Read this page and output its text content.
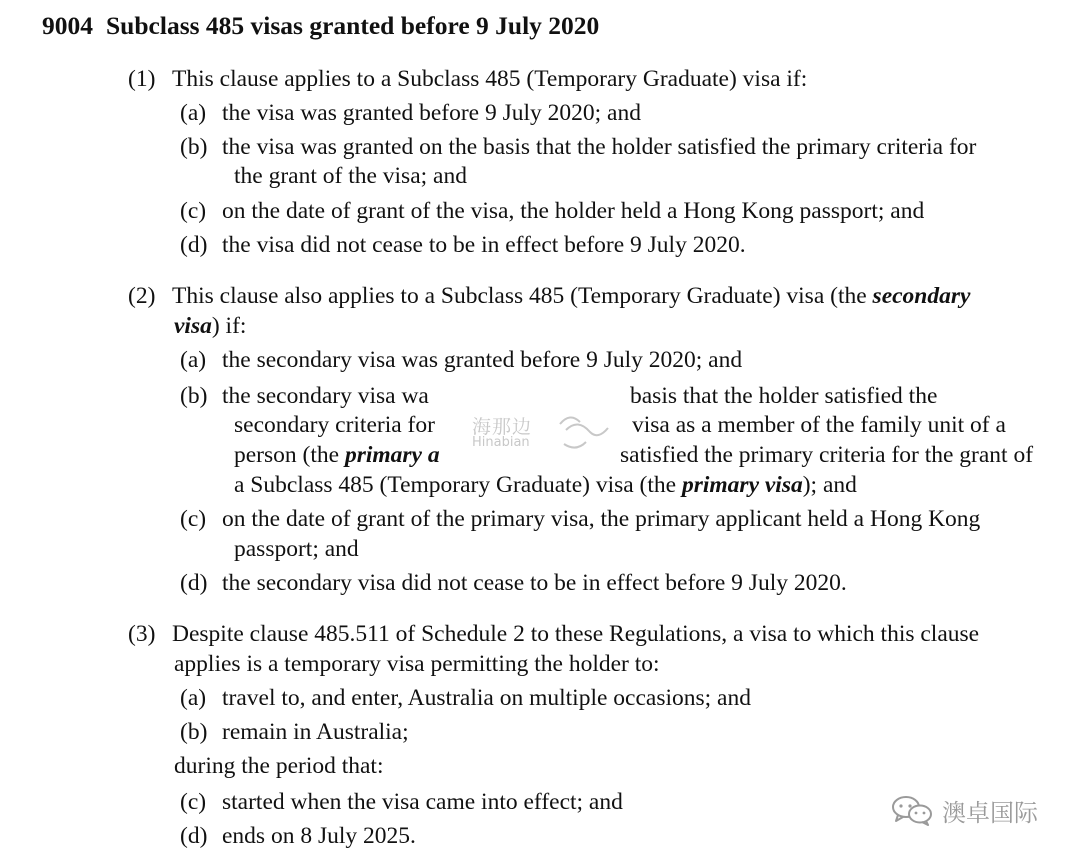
9004 Subclass 485 visas granted before 9 July 2020
(1) This clause applies to a Subclass 485 (Temporary Graduate) visa if:
(a) the visa was granted before 9 July 2020; and
(b) the visa was granted on the basis that the holder satisfied the primary criteria for
the grant of the visa; and
(c) on the date of grant of the visa, the holder held a Hong Kong passport; and
(d) the visa did not cease to be in effect before 9 July 2020.
(2) This clause also applies to a Subclass 485 (Temporary Graduate) visa (the secondary
visa) if:
(a) the secondary visa was granted before 9 July 2020; and
(b) the secondary visa wa	basis that the holder satisfied the
secondary criteria for	visa as a member of the family unit of a
person (the primary a	satisfied the primary criteria for the grant of
a Subclass 485 (Temporary Graduate) visa (the primary visa); and
(c) on the date of grant of the primary visa, the primary applicant held a Hong Kong
passport; and
(d) the secondary visa did not cease to be in effect before 9 July 2020.
(3) Despite clause 485.511 of Schedule 2 to these Regulations, a visa to which this clause
applies is a temporary visa permitting the holder to:
(a) travel to, and enter, Australia on multiple occasions; and
(b) remain in Australia;
during the period that:
(c) started when the visa came into effect; and
(d) ends on 8 July 2025.
海那边
Hinabian
澳卓国际
